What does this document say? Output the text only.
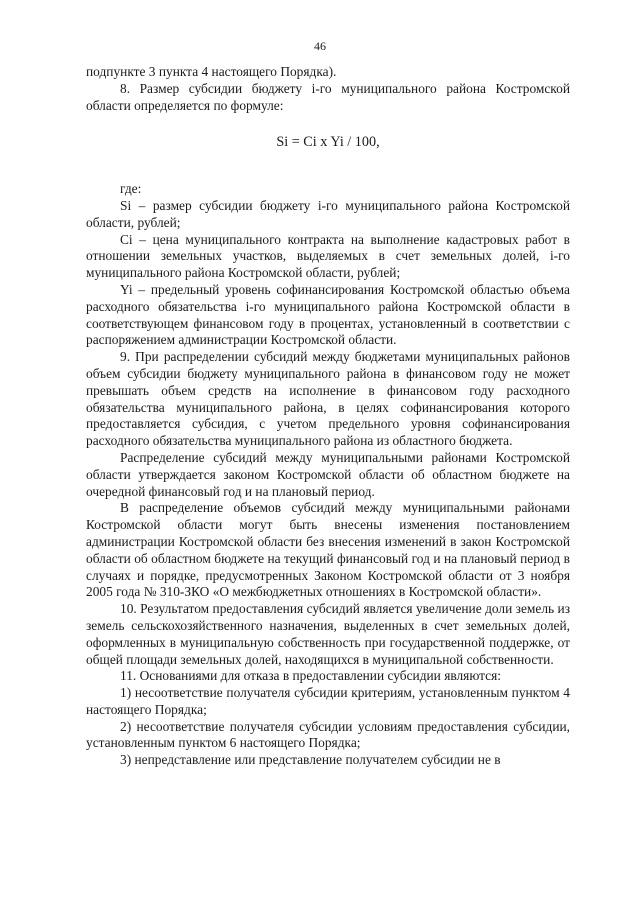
46

подпункте 3 пункта 4 настоящего Порядка).

8. Размер субсидии бюджету i-го муниципального района Костромской области определяется по формуле:

Si = Ci x Yi / 100,

где:

Si – размер субсидии бюджету i-го муниципального района Костромской области, рублей;

Ci – цена муниципального контракта на выполнение кадастровых работ в отношении земельных участков, выделяемых в счет земельных долей, i-го муниципального района Костромской области, рублей;

Yi – предельный уровень софинансирования Костромской областью объема расходного обязательства i-го муниципального района Костромской области в соответствующем финансовом году в процентах, установленный в соответствии с распоряжением администрации Костромской области.

9. При распределении субсидий между бюджетами муниципальных районов объем субсидии бюджету муниципального района в финансовом году не может превышать объем средств на исполнение в финансовом году расходного обязательства муниципального района, в целях софинансирования которого предоставляется субсидия, с учетом предельного уровня софинансирования расходного обязательства муниципального района из областного бюджета.

Распределение субсидий между муниципальными районами Костромской области утверждается законом Костромской области об областном бюджете на очередной финансовый год и на плановый период.

В распределение объемов субсидий между муниципальными районами Костромской области могут быть внесены изменения постановлением администрации Костромской области без внесения изменений в закон Костромской области об областном бюджете на текущий финансовый год и на плановый период в случаях и порядке, предусмотренных Законом Костромской области от 3 ноября 2005 года № 310-ЗКО «О межбюджетных отношениях в Костромской области».

10. Результатом предоставления субсидий является увеличение доли земель из земель сельскохозяйственного назначения, выделенных в счет земельных долей, оформленных в муниципальную собственность при государственной поддержке, от общей площади земельных долей, находящихся в муниципальной собственности.

11. Основаниями для отказа в предоставлении субсидии являются:

1) несоответствие получателя субсидии критериям, установленным пунктом 4 настоящего Порядка;

2) несоответствие получателя субсидии условиям предоставления субсидии, установленным пунктом 6 настоящего Порядка;

3) непредставление или представление получателем субсидии не в
